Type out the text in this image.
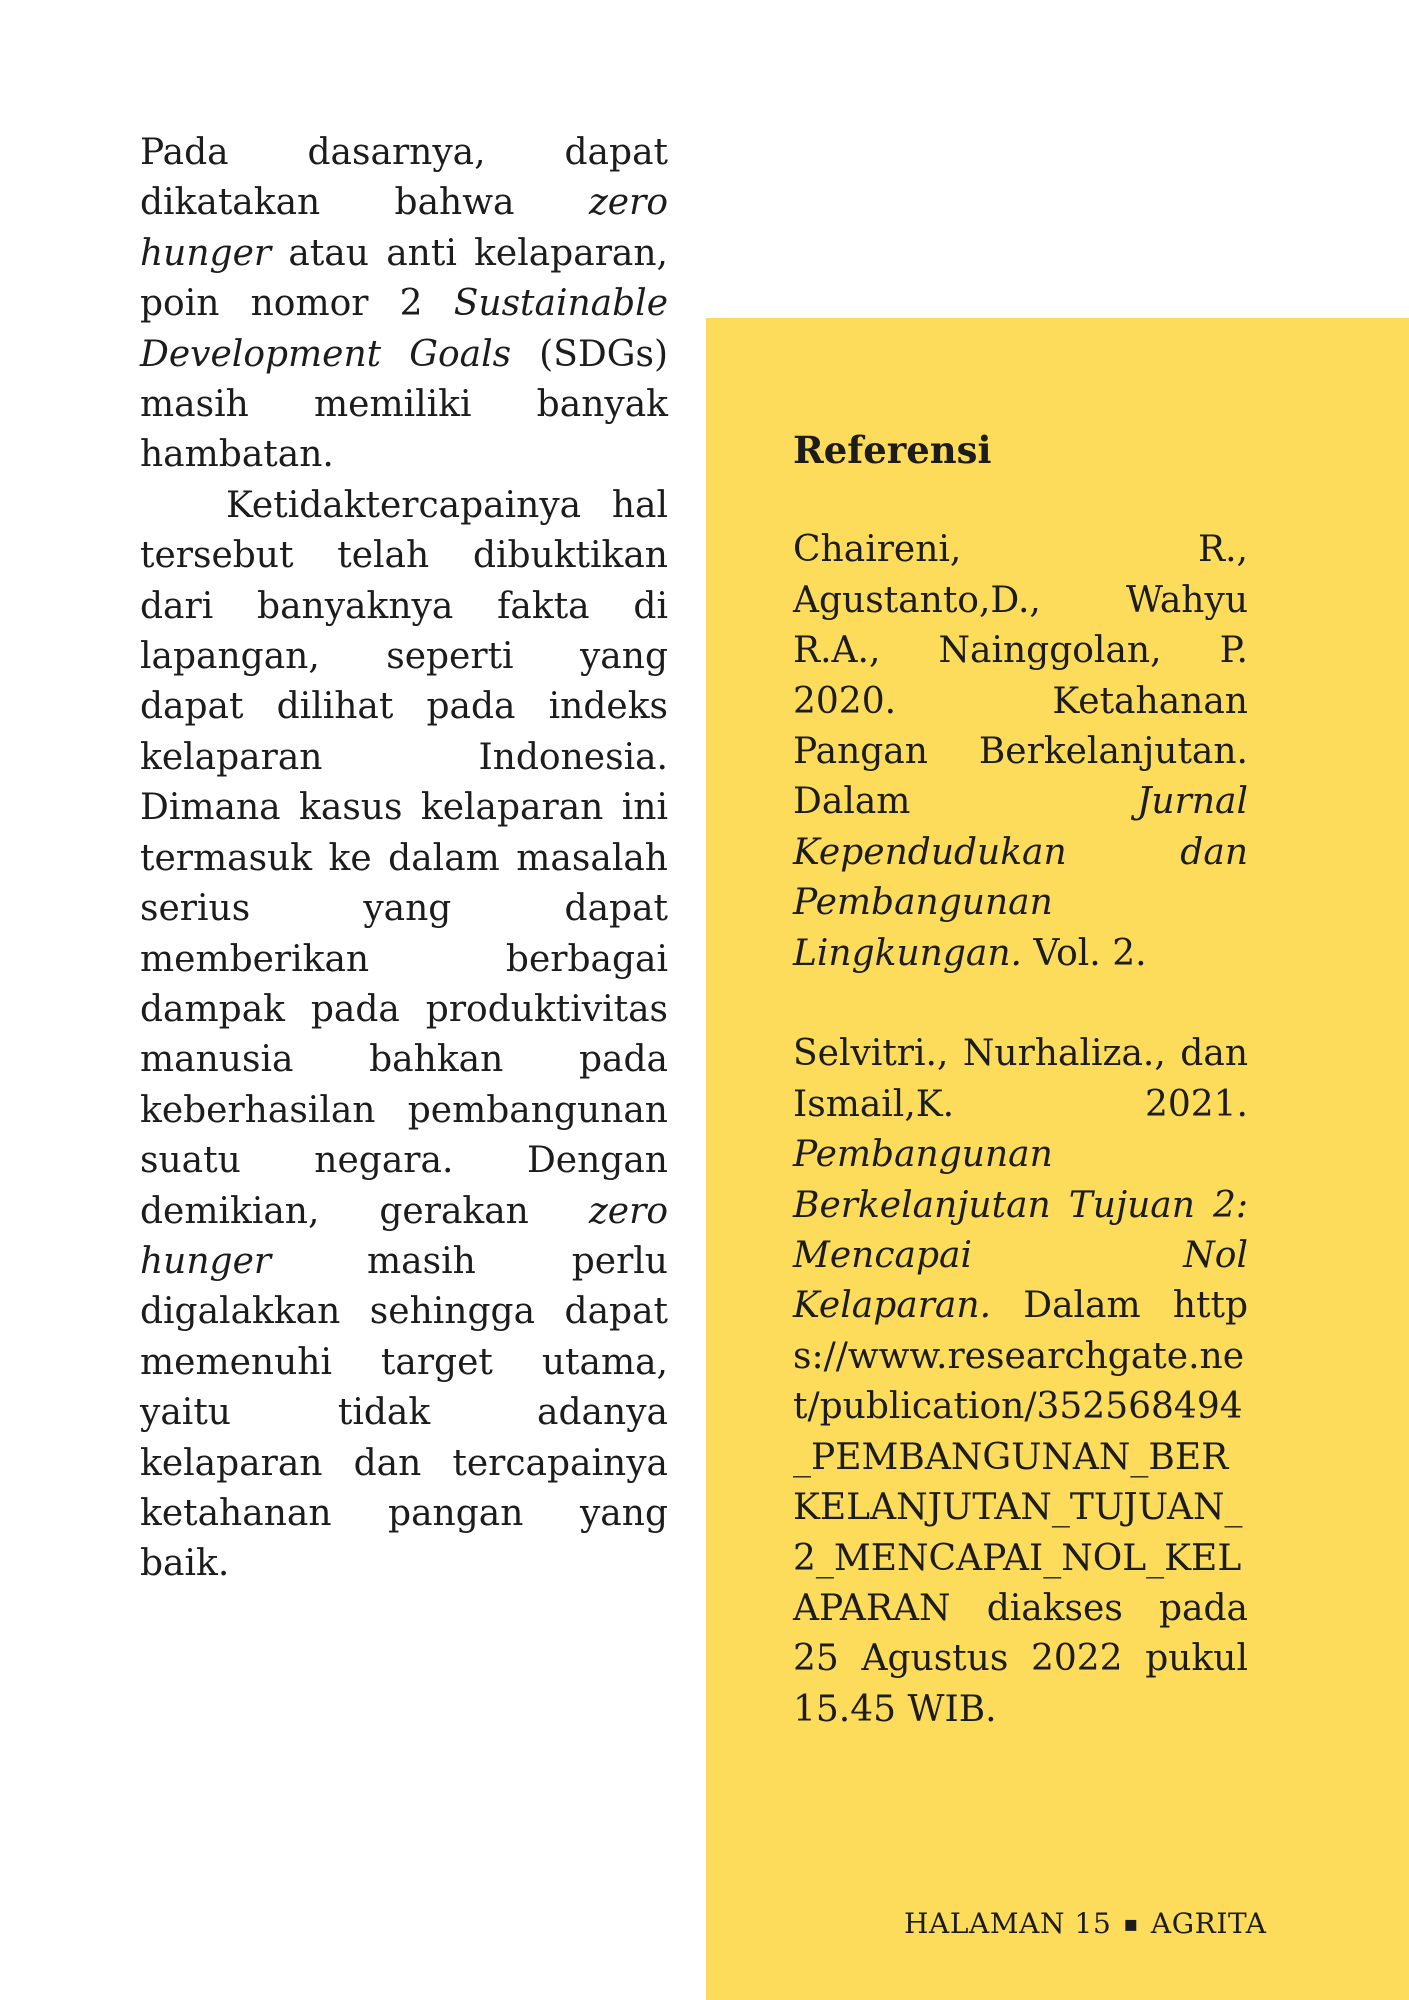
Pada dasarnya, dapat dikatakan bahwa zero hunger atau anti kelaparan, poin nomor 2 Sustainable Development Goals (SDGs) masih memiliki banyak hambatan.

Ketidaktercapainya hal tersebut telah dibuktikan dari banyaknya fakta di lapangan, seperti yang dapat dilihat pada indeks kelaparan Indonesia. Dimana kasus kelaparan ini termasuk ke dalam masalah serius yang dapat memberikan berbagai dampak pada produktivitas manusia bahkan pada keberhasilan pembangunan suatu negara. Dengan demikian, gerakan zero hunger masih perlu digalakkan sehingga dapat memenuhi target utama, yaitu tidak adanya kelaparan dan tercapainya ketahanan pangan yang baik.

Referensi

Chaireni, R., Agustanto,D., Wahyu R.A., Nainggolan, P. 2020. Ketahanan Pangan Berkelanjutan. Dalam Jurnal Kependudukan dan Pembangunan Lingkungan. Vol. 2.

Selvitri., Nurhaliza., dan Ismail,K. 2021. Pembangunan Berkelanjutan Tujuan 2: Mencapai Nol Kelaparan. Dalam https://www.researchgate.net/publication/352568494_PEMBANGUNAN_BERKELANJUTAN_TUJUAN_2_MENCAPAI_NOL_KELAPARAN diakses pada 25 Agustus 2022 pukul 15.45 WIB.

HALAMAN 15 ▪ AGRITA
